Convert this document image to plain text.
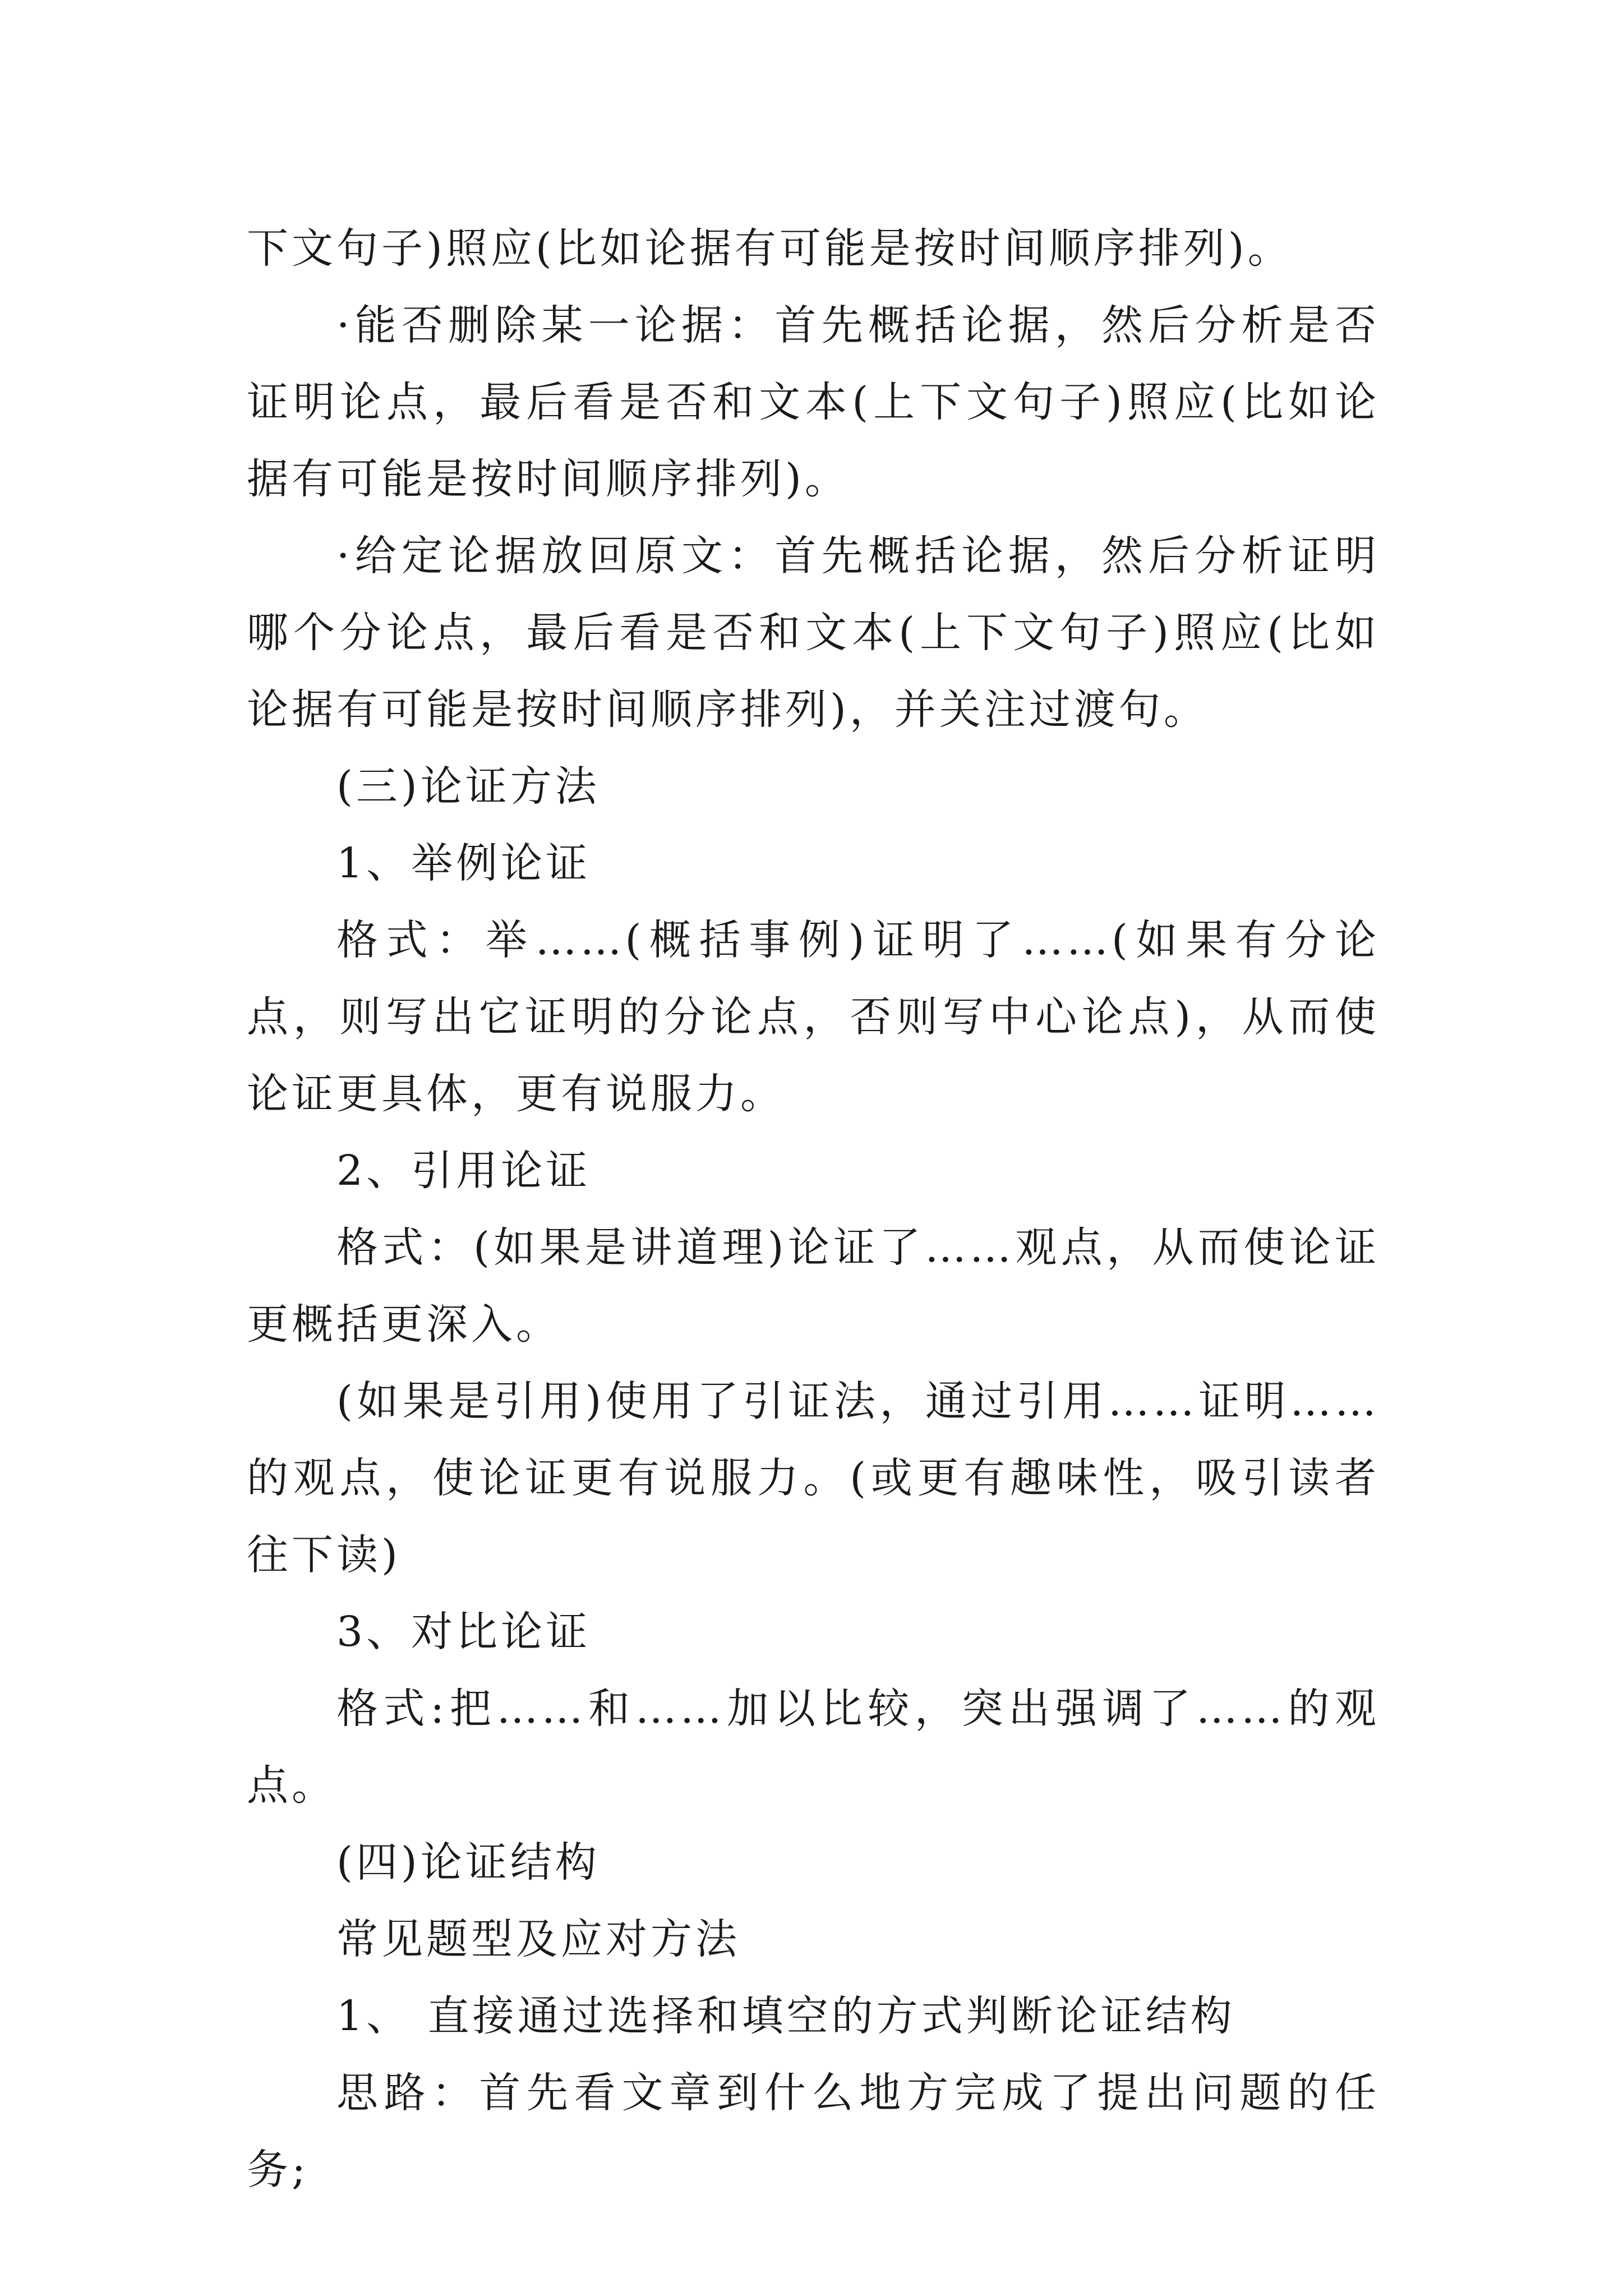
下文句子)照应(比如论据有可能是按时间顺序排列)。

·能否删除某一论据：首先概括论据，然后分析是否证明论点，最后看是否和文本(上下文句子)照应(比如论据有可能是按时间顺序排列)。

·给定论据放回原文：首先概括论据，然后分析证明哪个分论点，最后看是否和文本(上下文句子)照应(比如论据有可能是按时间顺序排列)，并关注过渡句。

(三)论证方法

1、举例论证

格式：举……(概括事例)证明了……(如果有分论点，则写出它证明的分论点，否则写中心论点)，从而使论证更具体，更有说服力。

2、引用论证

格式：(如果是讲道理)论证了……观点，从而使论证更概括更深入。

(如果是引用)使用了引证法，通过引用……证明……的观点，使论证更有说服力。(或更有趣味性，吸引读者往下读)

3、对比论证

格式:把……和……加以比较，突出强调了……的观点。

(四)论证结构

常见题型及应对方法

1、 直接通过选择和填空的方式判断论证结构

思路：首先看文章到什么地方完成了提出问题的任务;
